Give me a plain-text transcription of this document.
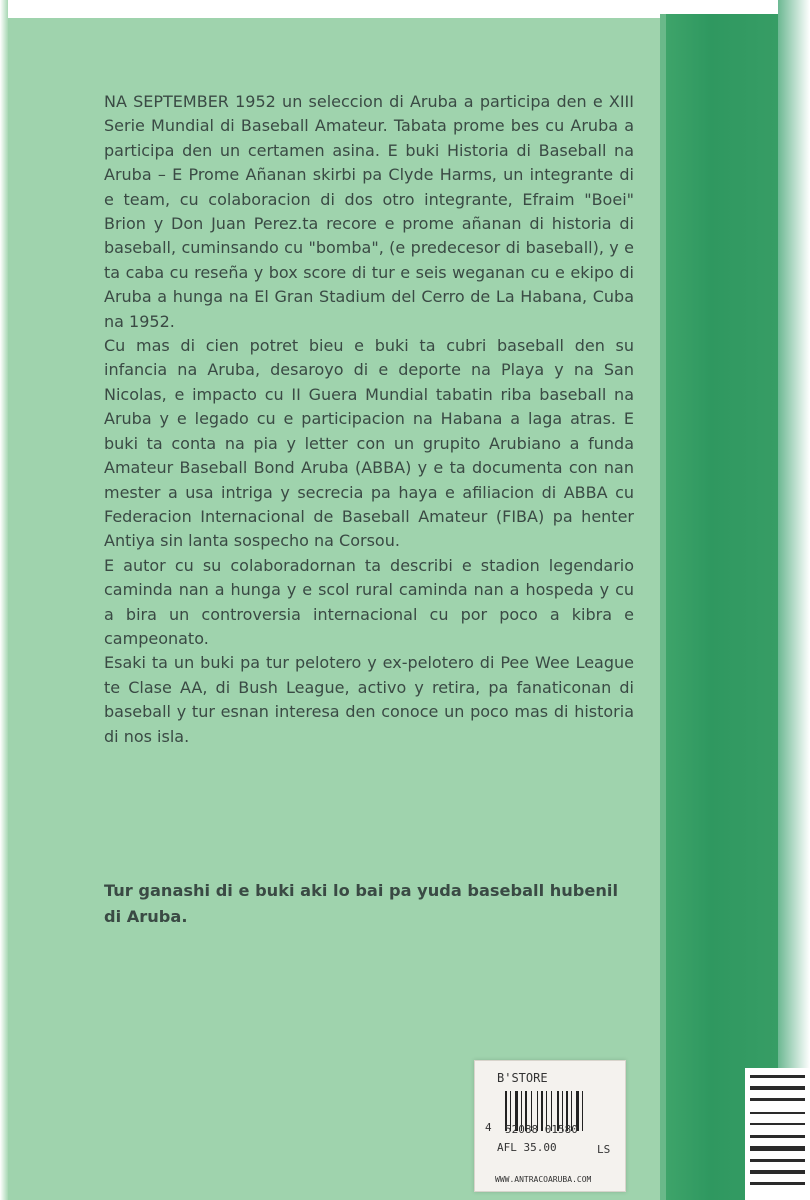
NA SEPTEMBER 1952 un seleccion di Aruba a participa den e XIII Serie Mundial di Baseball Amateur. Tabata prome bes cu Aruba a participa den un certamen asina. E buki Historia di Baseball na Aruba – E Prome Añanan skirbi pa Clyde Harms, un integrante di e team, cu colaboracion di dos otro integrante, Efraim "Boei" Brion y Don Juan Perez.ta recore e prome añanan di historia di baseball, cuminsando cu "bomba", (e predecesor di baseball), y e ta caba cu reseña y box score di tur e seis weganan cu e ekipo di Aruba a hunga na El Gran Stadium del Cerro de La Habana, Cuba na 1952.

Cu mas di cien potret bieu e buki ta cubri baseball den su infancia na Aruba, desaroyo di e deporte na Playa y na San Nicolas, e impacto cu II Guera Mundial tabatin riba baseball na Aruba y e legado cu e participacion na Habana a laga atras. E buki ta conta na pia y letter con un grupito Arubiano a funda Amateur Baseball Bond Aruba (ABBA) y e ta documenta con nan mester a usa intriga y secrecia pa haya e afiliacion di ABBA cu Federacion Internacional de Baseball Amateur (FIBA) pa henter Antiya sin lanta sospecho na Corsou.

E autor cu su colaboradornan ta describi e stadion legendario caminda nan a hunga y e scol rural caminda nan a hospeda y cu a bira un controversia internacional cu por poco a kibra e campeonato.

Esaki ta un buki pa tur pelotero y ex-pelotero di Pee Wee League te Clase AA, di Bush League, activo y retira, pa fanaticonan di baseball y tur esnan interesa den conoce un poco mas di historia di nos isla.

Tur ganashi di e buki aki lo bai pa yuda baseball hubenil di Aruba.
B'STORE
4 52088 01580
AFL 35.00	LS
WWW.ANTRACOARUBA.COM
